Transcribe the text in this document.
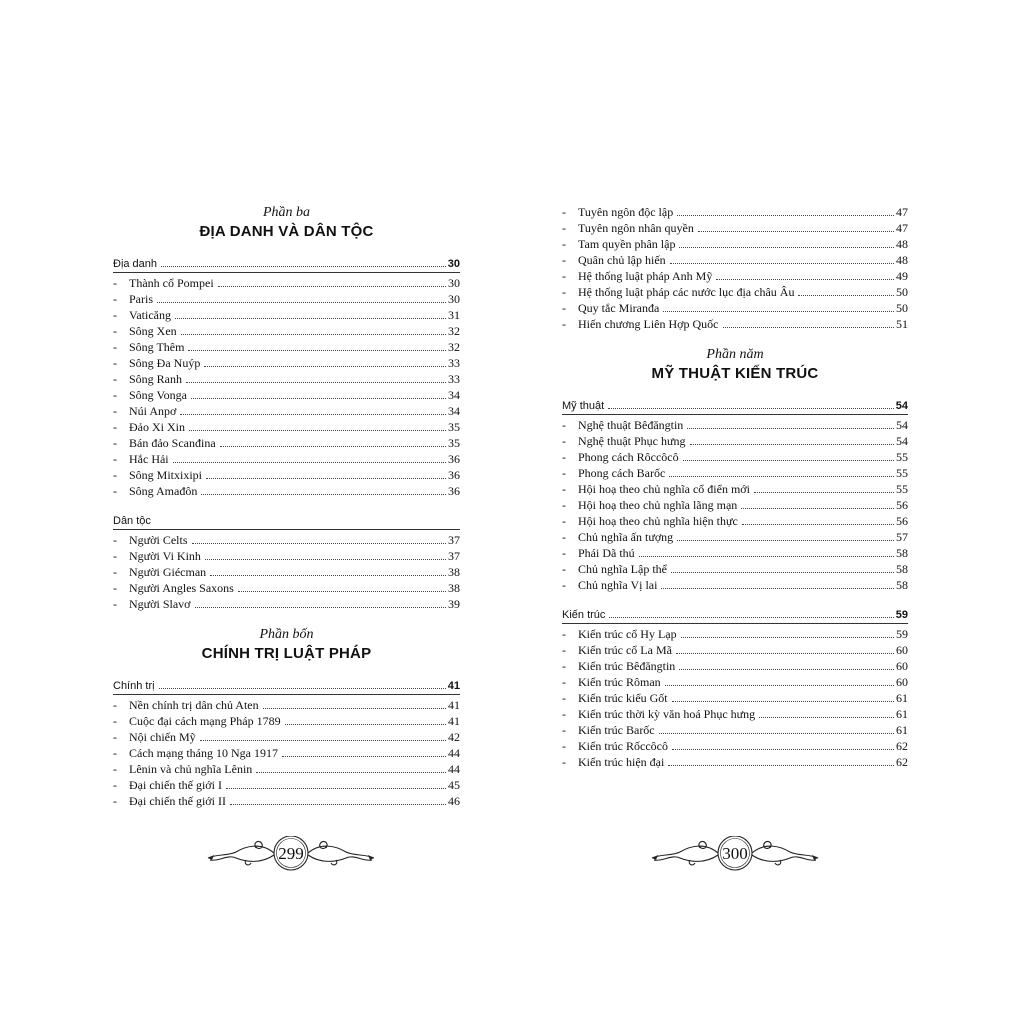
Phần ba
ĐỊA DANH VÀ DÂN TỘC
Địa danh	30
-	Thành cổ Pompei	30
-	Paris	30
-	Vaticăng	31
-	Sông Xen	32
-	Sông Thêm	32
-	Sông Đa Nuýp	33
-	Sông Ranh	33
-	Sông Vonga	34
-	Núi Anpơ	34
-	Đảo Xi Xin	35
-	Bán đảo Scanđina	35
-	Hắc Hải	36
-	Sông Mitxixipi	36
-	Sông Amađôn	36
Dân tộc
-	Người Celts	37
-	Người Vi Kinh	37
-	Người Giécman	38
-	Người Angles Saxons	38
-	Người Slavơ	39
Phần bốn
CHÍNH TRỊ LUẬT PHÁP
Chính trị	41
-	Nền chính trị dân chủ Aten	41
-	Cuộc đại cách mạng Pháp 1789	41
-	Nội chiến Mỹ	42
-	Cách mạng tháng 10 Nga 1917	44
-	Lênin và chủ nghĩa Lênin	44
-	Đại chiến thế giới I	45
-	Đại chiến thế giới II	46
-	Tuyên ngôn độc lập	47
-	Tuyên ngôn nhân quyền	47
-	Tam quyền phân lập	48
-	Quân chủ lập hiến	48
-	Hệ thống luật pháp Anh Mỹ	49
-	Hệ thống luật pháp các nước lục địa châu Âu	50
-	Quy tắc Miranđa	50
-	Hiến chương Liên Hợp Quốc	51
Phần năm
MỸ THUẬT KIẾN TRÚC
Mỹ thuật	54
-	Nghệ thuật Bêđăngtin	54
-	Nghệ thuật Phục hưng	54
-	Phong cách Rôccôcô	55
-	Phong cách Barốc	55
-	Hội hoạ theo chủ nghĩa cổ điển mới	55
-	Hội hoạ theo chủ nghĩa lãng mạn	56
-	Hội hoạ theo chủ nghĩa hiện thực	56
-	Chủ nghĩa ấn tượng	57
-	Phái Dã thú	58
-	Chủ nghĩa Lập thể	58
-	Chủ nghĩa Vị lai	58
Kiến trúc	59
-	Kiến trúc cổ Hy Lạp	59
-	Kiến trúc cổ La Mã	60
-	Kiến trúc Bêđăngtin	60
-	Kiến trúc Rôman	60
-	Kiến trúc kiểu Gốt	61
-	Kiến trúc thời kỳ văn hoá Phục hưng	61
-	Kiến trúc Barốc	61
-	Kiến trúc Rốccôcô	62
-	Kiến trúc hiện đại	62
299	300
